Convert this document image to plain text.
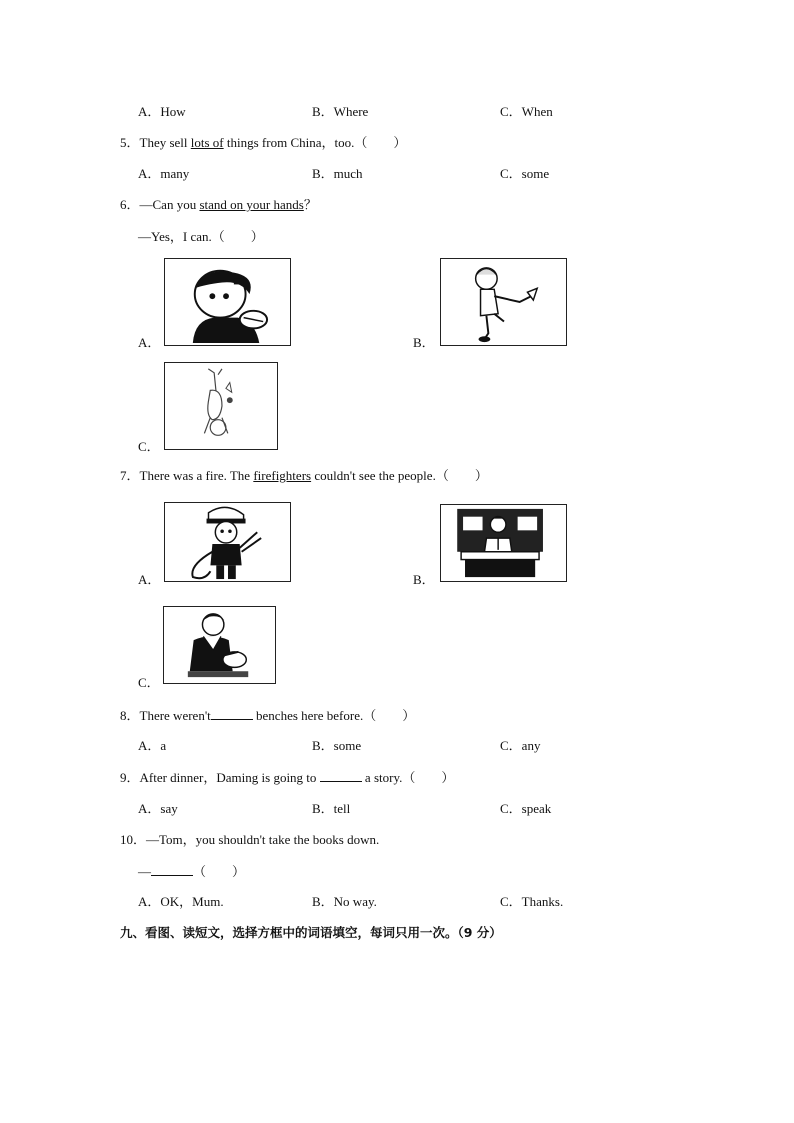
A．How	B．Where	C．When
5．They sell lots of things from China，too.（　　）
A．many	B．much	C．some
6．—Can you stand on your hands？
—Yes，I can.（　　）
A．	B．
C．
7．There was a fire. The firefighters couldn't see the people.（　　）
A．	B．
C．
8．There weren't	benches here before.（　　）
A．a	B．some	C．any
9．After dinner，Daming is going to	a story.（　　）
A．say	B．tell	C．speak
10．—Tom，you shouldn't take the books down.
—	（　　）
A．OK，Mum.	B．No way.	C．Thanks.
九、看图、读短文，选择方框中的词语填空，每词只用一次。（9 分）
